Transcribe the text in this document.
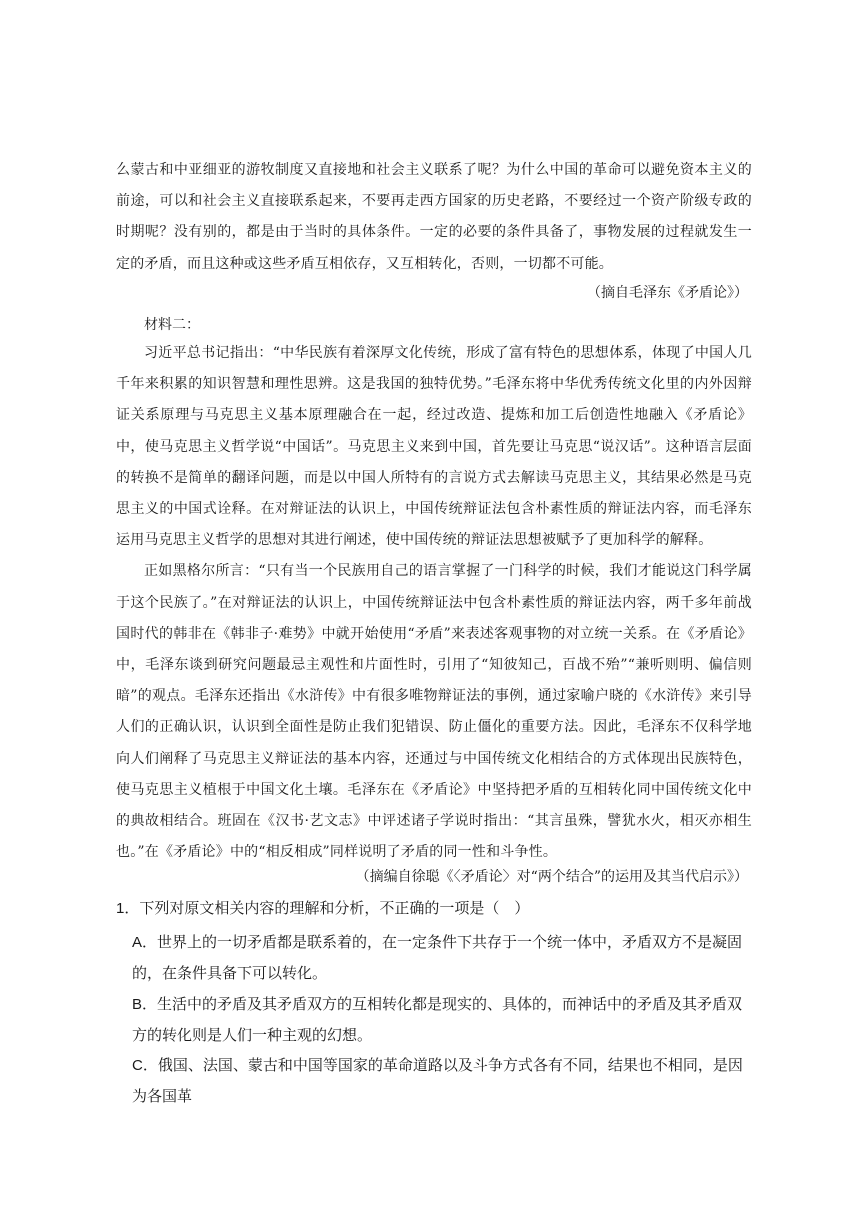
么蒙古和中亚细亚的游牧制度又直接地和社会主义联系了呢？为什么中国的革命可以避免资本主义的前途，可以和社会主义直接联系起来，不要再走西方国家的历史老路，不要经过一个资产阶级专政的时期呢？没有别的，都是由于当时的具体条件。一定的必要的条件具备了，事物发展的过程就发生一定的矛盾，而且这种或这些矛盾互相依存，又互相转化，否则，一切都不可能。

（摘自毛泽东《矛盾论》）
材料二：

习近平总书记指出：“中华民族有着深厚文化传统，形成了富有特色的思想体系，体现了中国人几千年来积累的知识智慧和理性思辨。这是我国的独特优势。”毛泽东将中华优秀传统文化里的内外因辩证关系原理与马克思主义基本原理融合在一起，经过改造、提炼和加工后创造性地融入《矛盾论》中，使马克思主义哲学说“中国话”。马克思主义来到中国，首先要让马克思“说汉话”。这种语言层面的转换不是简单的翻译问题，而是以中国人所特有的言说方式去解读马克思主义，其结果必然是马克思主义的中国式诠释。在对辩证法的认识上，中国传统辩证法包含朴素性质的辩证法内容，而毛泽东运用马克思主义哲学的思想对其进行阐述，使中国传统的辩证法思想被赋予了更加科学的解释。

正如黑格尔所言：“只有当一个民族用自己的语言掌握了一门科学的时候，我们才能说这门科学属于这个民族了。”在对辩证法的认识上，中国传统辩证法中包含朴素性质的辩证法内容，两千多年前战国时代的韩非在《韩非子·难势》中就开始使用“矛盾”来表述客观事物的对立统一关系。在《矛盾论》中，毛泽东谈到研究问题最忌主观性和片面性时，引用了“知彼知己，百战不殆”“兼听则明、偏信则暗”的观点。毛泽东还指出《水浒传》中有很多唯物辩证法的事例，通过家喻户晓的《水浒传》来引导人们的正确认识，认识到全面性是防止我们犯错误、防止僵化的重要方法。因此，毛泽东不仅科学地向人们阐释了马克思主义辩证法的基本内容，还通过与中国传统文化相结合的方式体现出民族特色，使马克思主义植根于中国文化土壤。毛泽东在《矛盾论》中坚持把矛盾的互相转化同中国传统文化中的典故相结合。班固在《汉书·艺文志》中评述诸子学说时指出：“其言虽殊，譬犹水火，相灭亦相生也。”在《矛盾论》中的“相反相成”同样说明了矛盾的同一性和斗争性。

（摘编自徐聪《〈矛盾论〉对“两个结合”的运用及其当代启示》）

1．下列对原文相关内容的理解和分析，不正确的一项是（　）

A．世界上的一切矛盾都是联系着的，在一定条件下共存于一个统一体中，矛盾双方不是凝固的，在条件具备下可以转化。

B．生活中的矛盾及其矛盾双方的互相转化都是现实的、具体的，而神话中的矛盾及其矛盾双方的转化则是人们一种主观的幻想。

C．俄国、法国、蒙古和中国等国家的革命道路以及斗争方式各有不同，结果也不相同，是因为各国革
